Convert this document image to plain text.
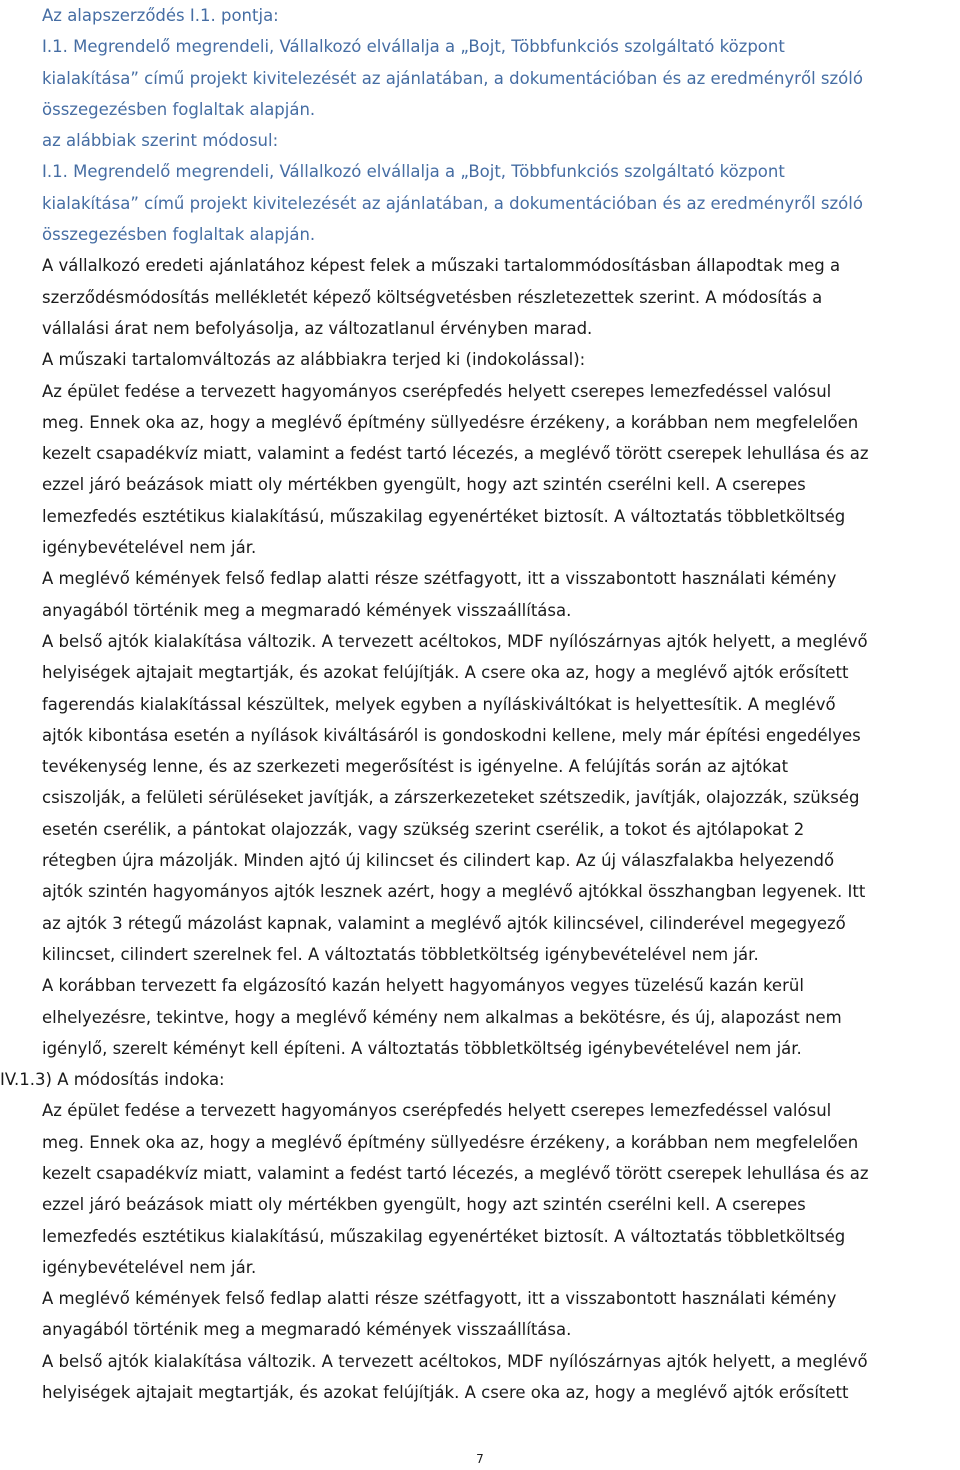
Az alapszerződés I.1. pontja:
I.1. Megrendelő megrendeli, Vállalkozó elvállalja a „Bojt, Többfunkciós szolgáltató központ
kialakítása” című projekt kivitelezését az ajánlatában, a dokumentációban és az eredményről szóló
összegezésben foglaltak alapján.
az alábbiak szerint módosul:
I.1. Megrendelő megrendeli, Vállalkozó elvállalja a „Bojt, Többfunkciós szolgáltató központ
kialakítása” című projekt kivitelezését az ajánlatában, a dokumentációban és az eredményről szóló
összegezésben foglaltak alapján.
A vállalkozó eredeti ajánlatához képest felek a műszaki tartalommódosításban állapodtak meg a
szerződésmódosítás mellékletét képező költségvetésben részletezettek szerint. A módosítás a
vállalási árat nem befolyásolja, az változatlanul érvényben marad.
A műszaki tartalomváltozás az alábbiakra terjed ki (indokolással):
Az épület fedése a tervezett hagyományos cserépfedés helyett cserepes lemezfedéssel valósul
meg. Ennek oka az, hogy a meglévő építmény süllyedésre érzékeny, a korábban nem megfelelően
kezelt csapadékvíz miatt, valamint a fedést tartó lécezés, a meglévő törött cserepek lehullása és az
ezzel járó beázások miatt oly mértékben gyengült, hogy azt szintén cserélni kell. A cserepes
lemezfedés esztétikus kialakítású, műszakilag egyenértéket biztosít. A változtatás többletköltség
igénybevételével nem jár.
A meglévő kémények felső fedlap alatti része szétfagyott, itt a visszabontott használati kémény
anyagából történik meg a megmaradó kémények visszaállítása.
A belső ajtók kialakítása változik. A tervezett acéltokos, MDF nyílószárnyas ajtók helyett, a meglévő
helyiségek ajtajait megtartják, és azokat felújítják. A csere oka az, hogy a meglévő ajtók erősített
fagerendás kialakítással készültek, melyek egyben a nyíláskiváltókat is helyettesítik. A meglévő
ajtók kibontása esetén a nyílások kiváltásáról is gondoskodni kellene, mely már építési engedélyes
tevékenység lenne, és az szerkezeti megerősítést is igényelne. A felújítás során az ajtókat
csiszolják, a felületi sérüléseket javítják, a zárszerkezeteket szétszedik, javítják, olajozzák, szükség
esetén cserélik, a pántokat olajozzák, vagy szükség szerint cserélik, a tokot és ajtólapokat 2
rétegben újra mázolják. Minden ajtó új kilincset és cilindert kap. Az új válaszfalakba helyezendő
ajtók szintén hagyományos ajtók lesznek azért, hogy a meglévő ajtókkal összhangban legyenek. Itt
az ajtók 3 rétegű mázolást kapnak, valamint a meglévő ajtók kilincsével, cilinderével megegyező
kilincset, cilindert szerelnek fel. A változtatás többletköltség igénybevételével nem jár.
A korábban tervezett fa elgázosító kazán helyett hagyományos vegyes tüzelésű kazán kerül
elhelyezésre, tekintve, hogy a meglévő kémény nem alkalmas a bekötésre, és új, alapozást nem
igénylő, szerelt kéményt kell építeni. A változtatás többletköltség igénybevételével nem jár.
IV.1.3) A módosítás indoka:
Az épület fedése a tervezett hagyományos cserépfedés helyett cserepes lemezfedéssel valósul
meg. Ennek oka az, hogy a meglévő építmény süllyedésre érzékeny, a korábban nem megfelelően
kezelt csapadékvíz miatt, valamint a fedést tartó lécezés, a meglévő törött cserepek lehullása és az
ezzel járó beázások miatt oly mértékben gyengült, hogy azt szintén cserélni kell. A cserepes
lemezfedés esztétikus kialakítású, műszakilag egyenértéket biztosít. A változtatás többletköltség
igénybevételével nem jár.
A meglévő kémények felső fedlap alatti része szétfagyott, itt a visszabontott használati kémény
anyagából történik meg a megmaradó kémények visszaállítása.
A belső ajtók kialakítása változik. A tervezett acéltokos, MDF nyílószárnyas ajtók helyett, a meglévő
helyiségek ajtajait megtartják, és azokat felújítják. A csere oka az, hogy a meglévő ajtók erősített
7
